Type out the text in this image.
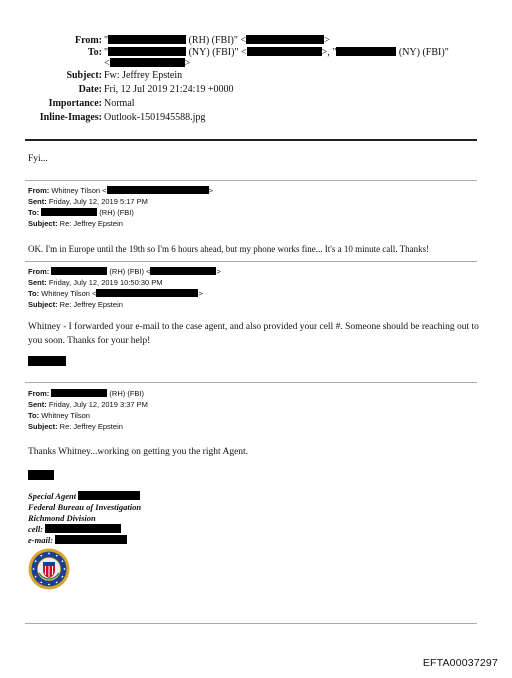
From: "	(RH) (FBI)" <	>
To: "	(NY) (FBI)" <	>, "	(NY) (FBI)"
<	>
Subject: Fw: Jeffrey Epstein
Date: Fri, 12 Jul 2019 21:24:19 +0000
Importance: Normal
Inline-Images: Outlook-1501945588.jpg
Fyi...
From: Whitney Tilson <	>
Sent: Friday, July 12, 2019 5:17 PM
To:	(RH) (FBI)
Subject: Re: Jeffrey Epstein
OK. I'm in Europe until the 19th so I'm 6 hours ahead, but my phone works fine... It's a 10 minute call. Thanks!
From:	(RH) (FBI) <	>
Sent: Friday, July 12, 2019 10:50:30 PM
To: Whitney Tilson <	>
Subject: Re: Jeffrey Epstein
Whitney - I forwarded your e-mail to the case agent, and also provided your cell #. Someone should be reaching out to you soon. Thanks for your help!
From:	(RH) (FBI)
Sent: Friday, July 12, 2019 3:37 PM
To: Whitney Tilson
Subject: Re: Jeffrey Epstein
Thanks Whitney...working on getting you the right Agent.
Special Agent
Federal Bureau of Investigation
Richmond Division
cell:
e-mail:
EFTA00037297
